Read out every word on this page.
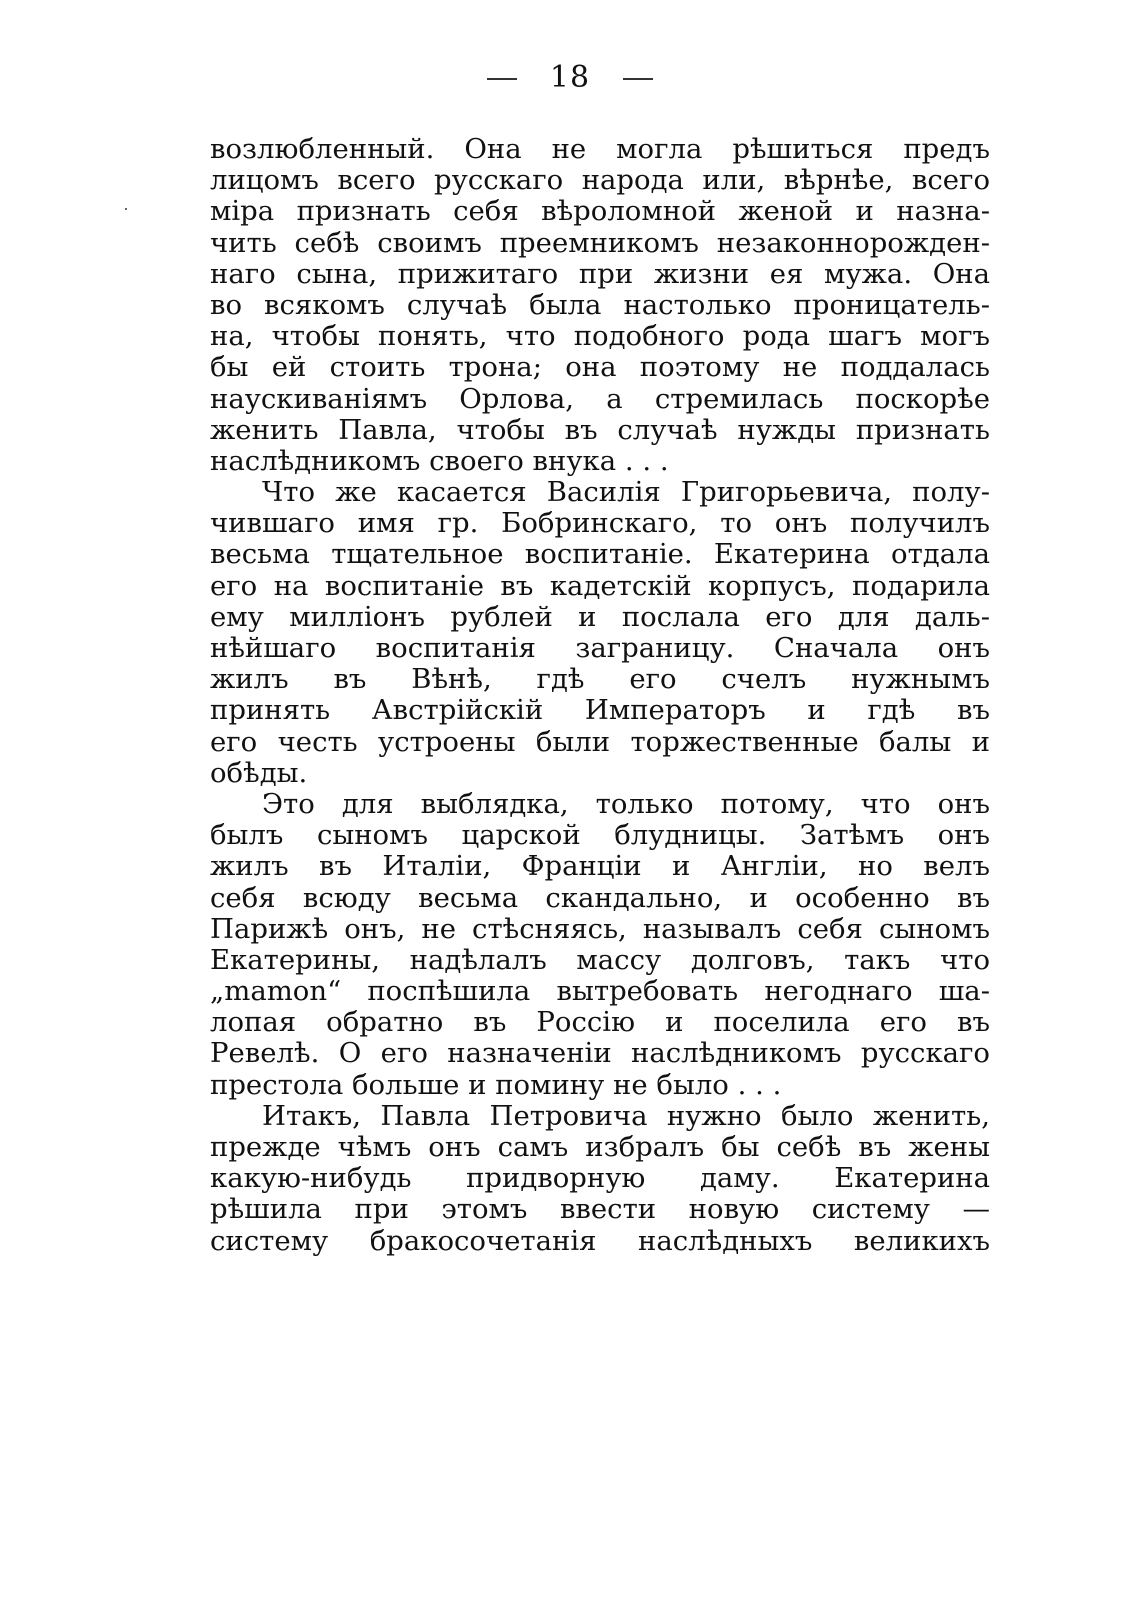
18
возлюбленный. Она не могла рѣшиться предъ
лицомъ всего русскаго народа или, вѣрнѣе, всего
міра признать себя вѣроломной женой и назна-
чить себѣ своимъ преемникомъ незаконнорожден-
наго сына, прижитаго при жизни ея мужа. Она
во всякомъ случаѣ была настолько проницатель-
на, чтобы понять, что подобного рода шагъ могъ
бы ей стоить трона; она поэтому не поддалась
наускиваніямъ Орлова, а стремилась поскорѣе
женить Павла, чтобы въ случаѣ нужды признать
наслѣдникомъ своего внука . . .
Что же касается Василія Григорьевича, полу-
чившаго имя гр. Бобринскаго, то онъ получилъ
весьма тщательное воспитаніе. Екатерина отдала
его на воспитаніе въ кадетскій корпусъ, подарила
ему милліонъ рублей и послала его для даль-
нѣйшаго воспитанія заграницу. Сначала онъ
жилъ въ Вѣнѣ, гдѣ его счелъ нужнымъ
принять Австрійскій Императоръ и гдѣ въ
его честь устроены были торжественные балы и
обѣды.
Это для выблядка, только потому, что онъ
былъ сыномъ царской блудницы. Затѣмъ онъ
жилъ въ Италіи, Франціи и Англіи, но велъ
себя всюду весьма скандально, и особенно въ
Парижѣ онъ, не стѣсняясь, называлъ себя сыномъ
Екатерины, надѣлалъ массу долговъ, такъ что
„mamon“ поспѣшила вытребовать негоднаго ша-
лопая обратно въ Россію и поселила его въ
Ревелѣ. О его назначеніи наслѣдникомъ русскаго
престола больше и помину не было . . .
Итакъ, Павла Петровича нужно было женить,
прежде чѣмъ онъ самъ избралъ бы себѣ въ жены
какую-нибудь придворную даму. Екатерина
рѣшила при этомъ ввести новую систему —
систему бракосочетанія наслѣдныхъ великихъ
